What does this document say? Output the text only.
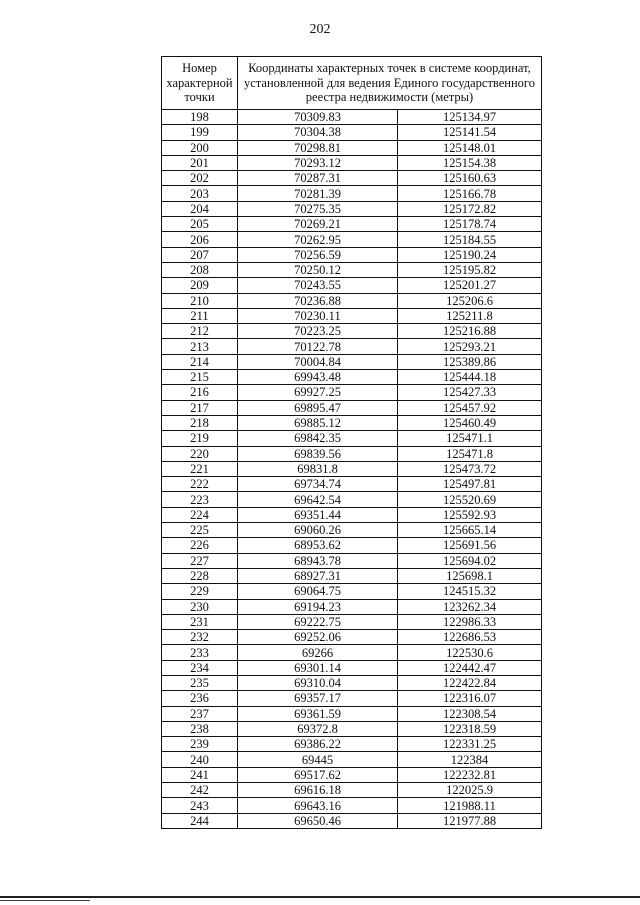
202
Номер характерной точки	Координаты характерных точек в системе координат, установленной для ведения Единого государственного реестра недвижимости (метры)	
198	70309.83	125134.97
199	70304.38	125141.54
200	70298.81	125148.01
201	70293.12	125154.38
202	70287.31	125160.63
203	70281.39	125166.78
204	70275.35	125172.82
205	70269.21	125178.74
206	70262.95	125184.55
207	70256.59	125190.24
208	70250.12	125195.82
209	70243.55	125201.27
210	70236.88	125206.6
211	70230.11	125211.8
212	70223.25	125216.88
213	70122.78	125293.21
214	70004.84	125389.86
215	69943.48	125444.18
216	69927.25	125427.33
217	69895.47	125457.92
218	69885.12	125460.49
219	69842.35	125471.1
220	69839.56	125471.8
221	69831.8	125473.72
222	69734.74	125497.81
223	69642.54	125520.69
224	69351.44	125592.93
225	69060.26	125665.14
226	68953.62	125691.56
227	68943.78	125694.02
228	68927.31	125698.1
229	69064.75	124515.32
230	69194.23	123262.34
231	69222.75	122986.33
232	69252.06	122686.53
233	69266	122530.6
234	69301.14	122442.47
235	69310.04	122422.84
236	69357.17	122316.07
237	69361.59	122308.54
238	69372.8	122318.59
239	69386.22	122331.25
240	69445	122384
241	69517.62	122232.81
242	69616.18	122025.9
243	69643.16	121988.11
244	69650.46	121977.88
